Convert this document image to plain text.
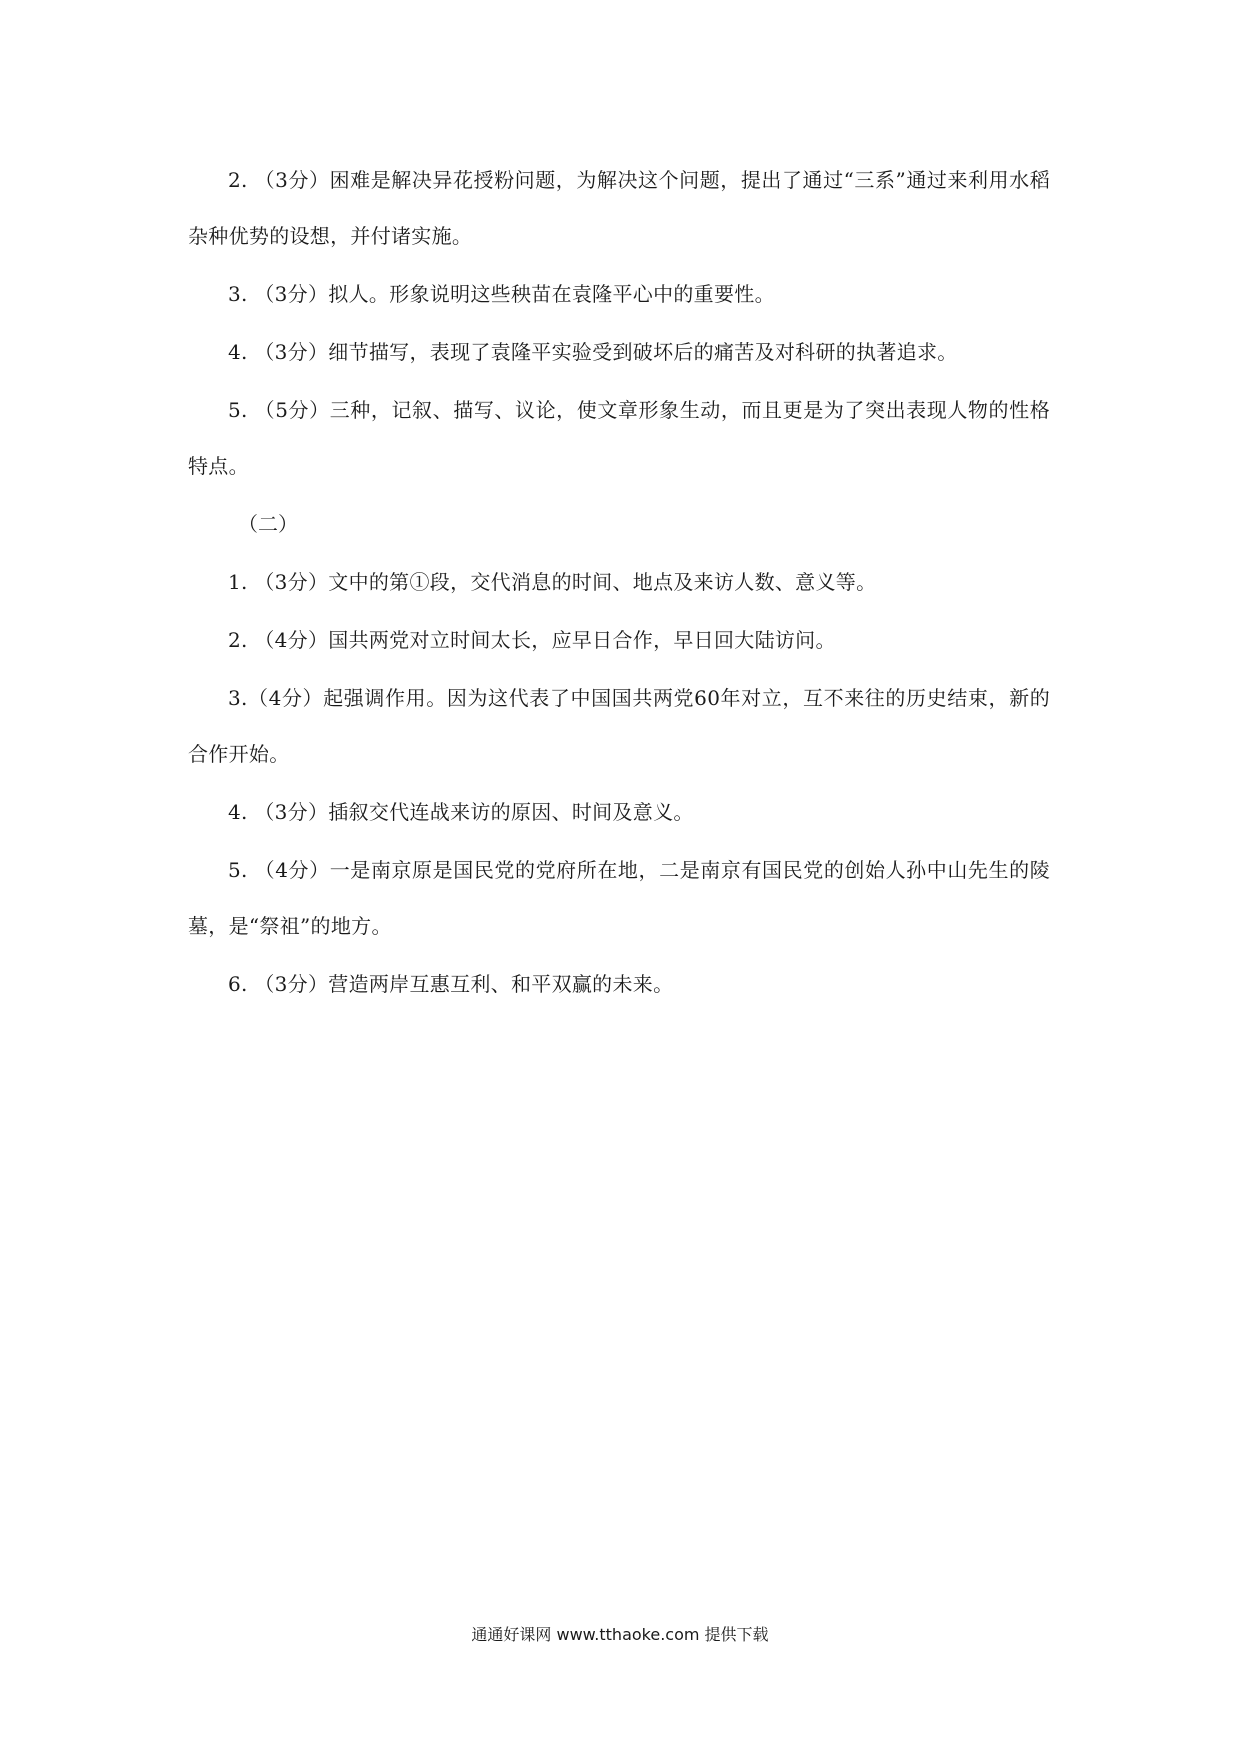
2. （3分）困难是解决异花授粉问题，为解决这个问题，提出了通过“三系”通过来利用水稻杂种优势的设想，并付诸实施。

3. （3分）拟人。形象说明这些秧苗在袁隆平心中的重要性。

4. （3分）细节描写，表现了袁隆平实验受到破坏后的痛苦及对科研的执著追求。

5. （5分）三种，记叙、描写、议论，使文章形象生动，而且更是为了突出表现人物的性格特点。

（二）

1. （3分）文中的第①段，交代消息的时间、地点及来访人数、意义等。

2. （4分）国共两党对立时间太长，应早日合作，早日回大陆访问。

3.（4分）起强调作用。因为这代表了中国国共两党60年对立，互不来往的历史结束，新的合作开始。

4. （3分）插叙交代连战来访的原因、时间及意义。

5. （4分）一是南京原是国民党的党府所在地，二是南京有国民党的创始人孙中山先生的陵墓，是“祭祖”的地方。

6. （3分）营造两岸互惠互利、和平双赢的未来。

通通好课网 www.tthaoke.com 提供下载
